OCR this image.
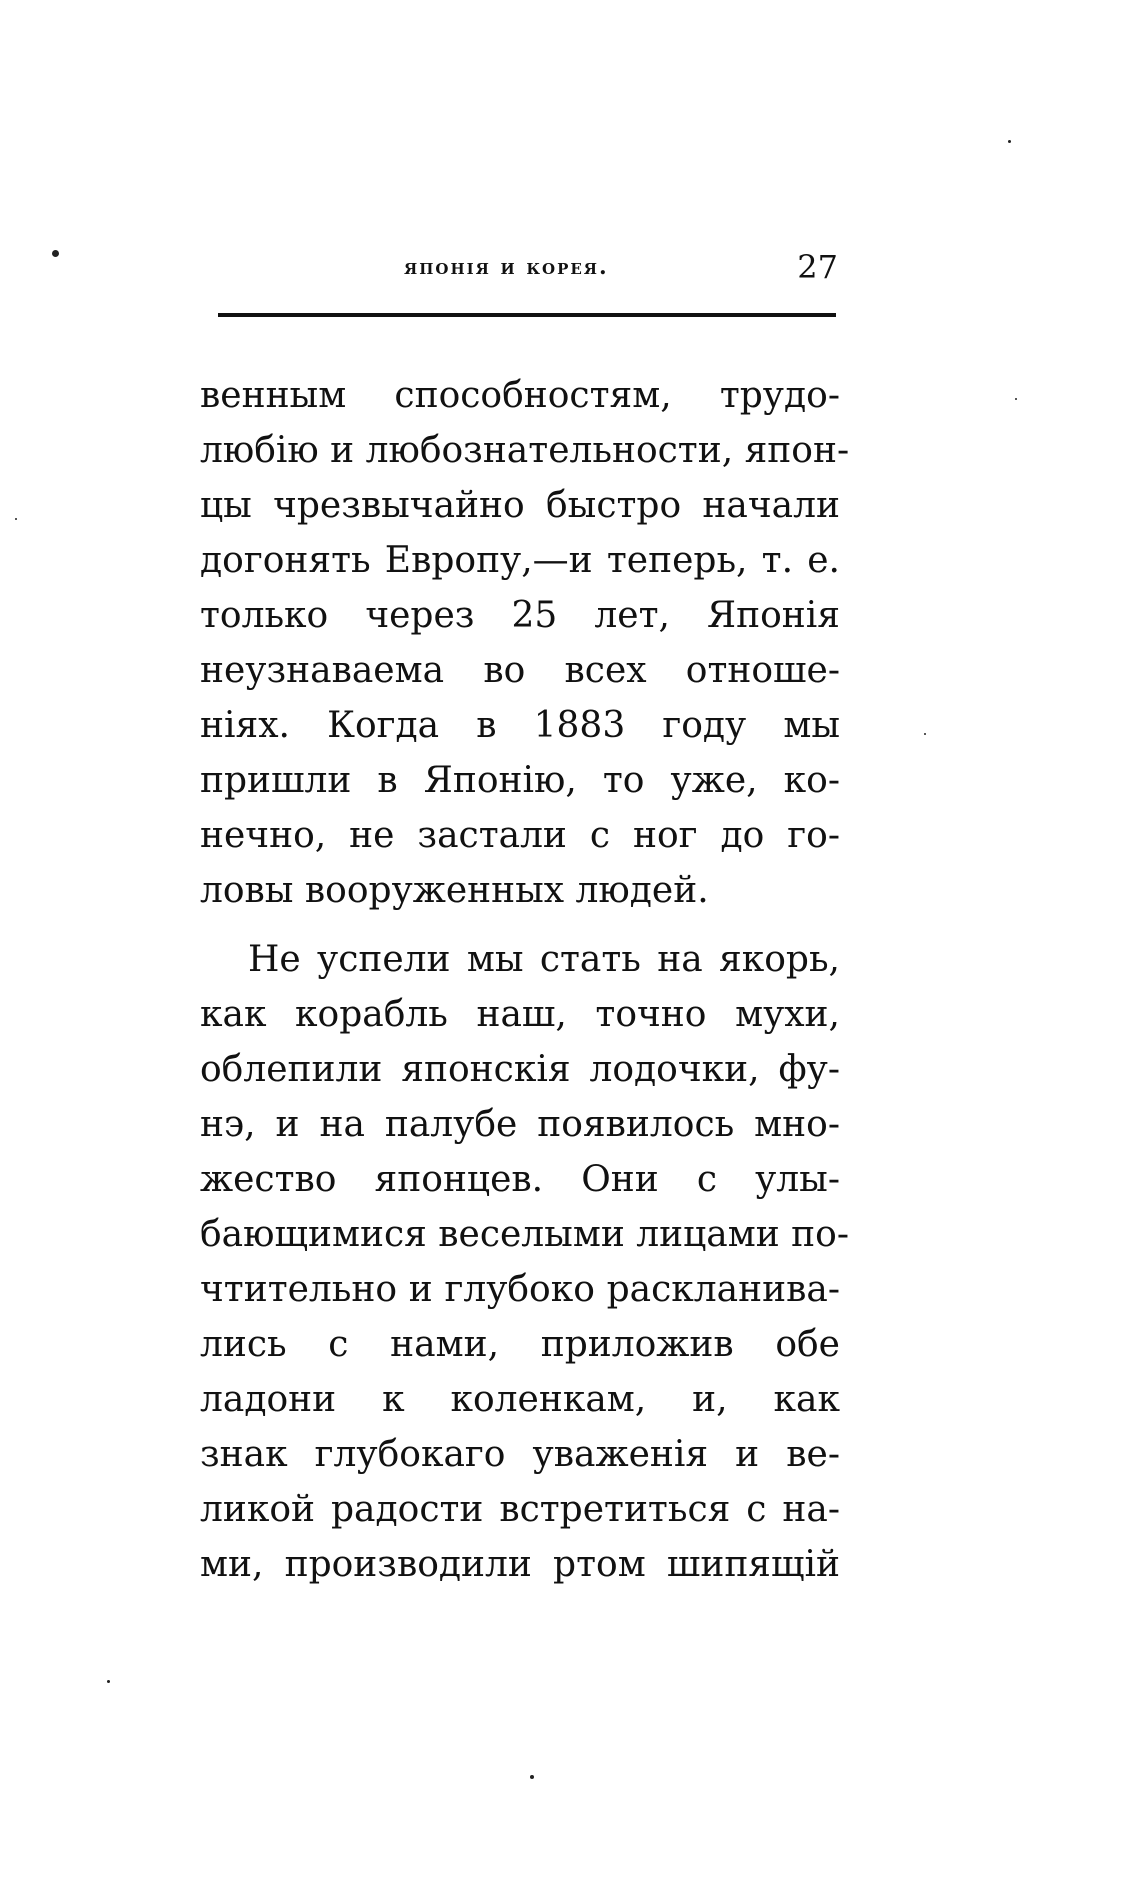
японія и корея.	27
венным способностям, трудо-
любію и любознательности, япон-
цы чрезвычайно быстро начали
догонять Европу,—и теперь, т. е.
только через 25 лет, Японія
неузнаваема во всех отноше-
ніях. Когда в 1883 году мы
пришли в Японію, то уже, ко-
нечно, не застали с ног до го-
ловы вооруженных людей.
Не успели мы стать на якорь,
как корабль наш, точно мухи,
облепили японскія лодочки, фу-
нэ, и на палубе появилось мно-
жество японцев. Они с улы-
бающимися веселыми лицами по-
чтительно и глубоко раскланива-
лись с нами, приложив обе
ладони к коленкам, и, как
знак глубокаго уваженія и ве-
ликой радости встретиться с на-
ми, производили ртом шипящій
